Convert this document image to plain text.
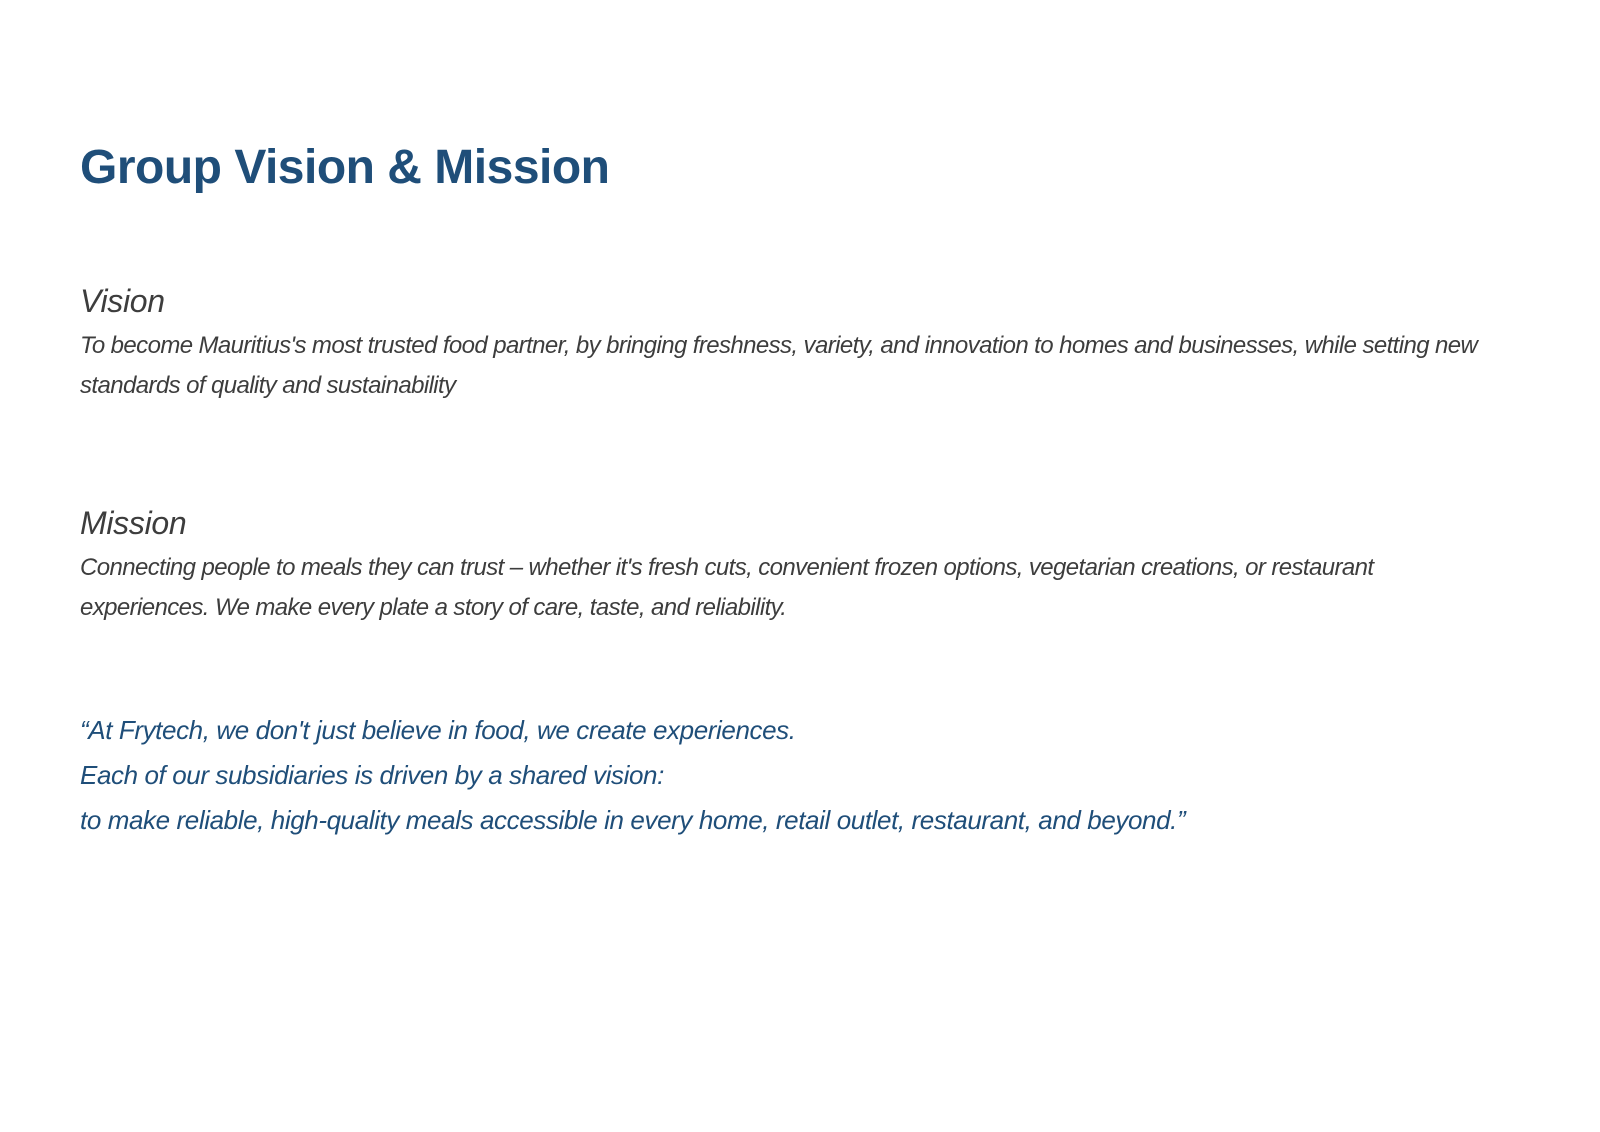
Group Vision & Mission
Vision

To become Mauritius's most trusted food partner, by bringing freshness, variety, and innovation to homes and businesses, while setting new standards of quality and sustainability

Mission

Connecting people to meals they can trust – whether it's fresh cuts, convenient frozen options, vegetarian creations, or restaurant experiences. We make every plate a story of care, taste, and reliability.

“At Frytech, we don't just believe in food, we create experiences.
Each of our subsidiaries is driven by a shared vision:
to make reliable, high-quality meals accessible in every home, retail outlet, restaurant, and beyond.”
